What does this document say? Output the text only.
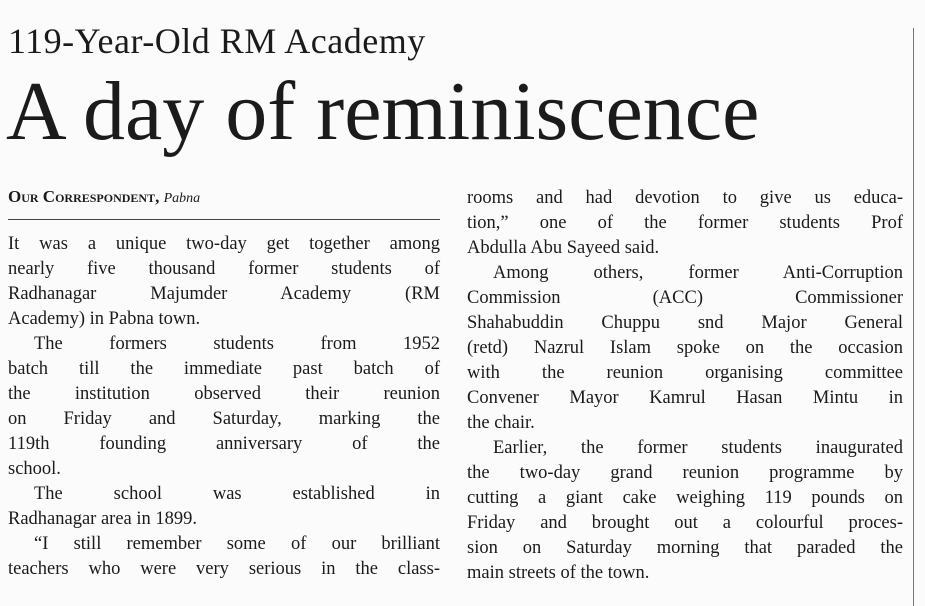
119-Year-Old RM Academy
A day of reminiscence
Our Correspondent, Pabna
It was a unique two-day get together among
nearly five thousand former students of
Radhanagar Majumder Academy (RM
Academy) in Pabna town.
The formers students from 1952
batch till the immediate past batch of
the institution observed their reunion
on Friday and Saturday, marking the
119th founding anniversary of the
school.
The school was established in
Radhanagar area in 1899.
“I still remember some of our brilliant
teachers who were very serious in the class-
rooms and had devotion to give us educa-
tion,” one of the former students Prof
Abdulla Abu Sayeed said.
Among others, former Anti-Corruption
Commission (ACC) Commissioner
Shahabuddin Chuppu snd Major General
(retd) Nazrul Islam spoke on the occasion
with the reunion organising committee
Convener Mayor Kamrul Hasan Mintu in
the chair.
Earlier, the former students inaugurated
the two-day grand reunion programme by
cutting a giant cake weighing 119 pounds on
Friday and brought out a colourful proces-
sion on Saturday morning that paraded the
main streets of the town.
